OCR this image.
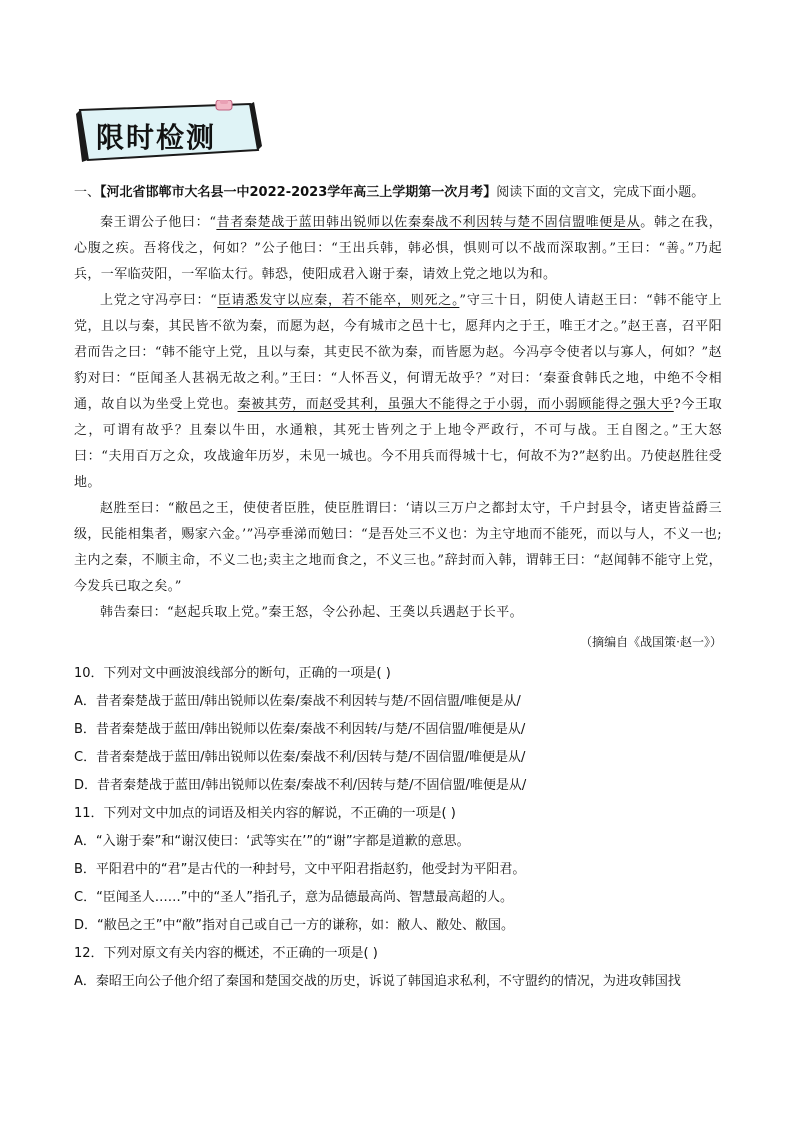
限时检测

一、【河北省邯郸市大名县一中2022-2023学年高三上学期第一次月考】阅读下面的文言文，完成下面小题。

秦王谓公子他曰：“昔者秦楚战于蓝田韩出锐师以佐秦秦战不利因转与楚不固信盟唯便是从。韩之在我，心腹之疾。吾将伐之，何如？”公子他曰：“王出兵韩，韩必惧，惧则可以不战而深取割。”王曰：“善。”乃起兵，一军临荧阳，一军临太行。韩恐，使阳成君入谢于秦，请效上党之地以为和。

上党之守冯亭曰：“臣请悉发守以应秦，若不能卒，则死之。”守三十日，阴使人请赵王曰：“韩不能守上党，且以与秦，其民皆不欲为秦，而愿为赵，今有城市之邑十七，愿拜内之于王，唯王才之。”赵王喜，召平阳君而告之曰：“韩不能守上党，且以与秦，其吏民不欲为秦，而皆愿为赵。今冯亭令使者以与寡人，何如？”赵豹对曰：“臣闻圣人甚祸无故之利。”王曰：“人怀吾义，何谓无故乎？”对曰：‘秦蚕食韩氏之地，中绝不令相通，故自以为坐受上党也。秦被其劳，而赵受其利，虽强大不能得之于小弱，而小弱顾能得之强大乎?今王取之，可谓有故乎？且秦以牛田，水通粮，其死士皆列之于上地令严政行，不可与战。王自图之。”王大怒曰：“夫用百万之众，攻战逾年历岁，未见一城也。今不用兵而得城十七，何故不为?”赵豹出。乃使赵胜往受地。

赵胜至曰：“敝邑之王，使使者臣胜，使臣胜谓曰：‘请以三万户之都封太守，千户封县令，诸吏皆益爵三级，民能相集者，赐家六金。’”冯亭垂涕而勉曰：“是吾处三不义也：为主守地而不能死，而以与人，不义一也;主内之秦，不顺主命，不义二也;卖主之地而食之，不义三也。”辞封而入韩，谓韩王曰：“赵闻韩不能守上党，今发兵已取之矣。”

韩告秦曰：“赵起兵取上党。”秦王怒，令公孙起、王䶮以兵遇赵于长平。

（摘编自《战国策·赵一》）

10．下列对文中画波浪线部分的断句，正确的一项是( )

A．昔者秦楚战于蓝田/韩出锐师以佐秦/秦战不利因转与楚/不固信盟/唯便是从/

B．昔者秦楚战于蓝田/韩出锐师以佐秦/秦战不利因转/与楚/不固信盟/唯便是从/

C．昔者秦楚战于蓝田/韩出锐师以佐秦/秦战不利/因转与楚/不固信盟/唯便是从/

D．昔者秦楚战于蓝田/韩出锐师以佐秦/秦战不利/因转与楚/不固信盟/唯便是从/

11．下列对文中加点的词语及相关内容的解说，不正确的一项是( )

A．“入谢于秦”和“谢汉使曰：‘武等实在’”的“谢”字都是道歉的意思。

B．平阳君中的“君”是古代的一种封号，文中平阳君指赵豹，他受封为平阳君。

C．“臣闻圣人……”中的“圣人”指孔子，意为品德最高尚、智慧最高超的人。

D．“敝邑之王”中“敝”指对自己或自己一方的谦称，如：敝人、敝处、敝国。

12．下列对原文有关内容的概述，不正确的一项是( )

A．秦昭王向公子他介绍了秦国和楚国交战的历史，诉说了韩国追求私利，不守盟约的情况，为进攻韩国找
